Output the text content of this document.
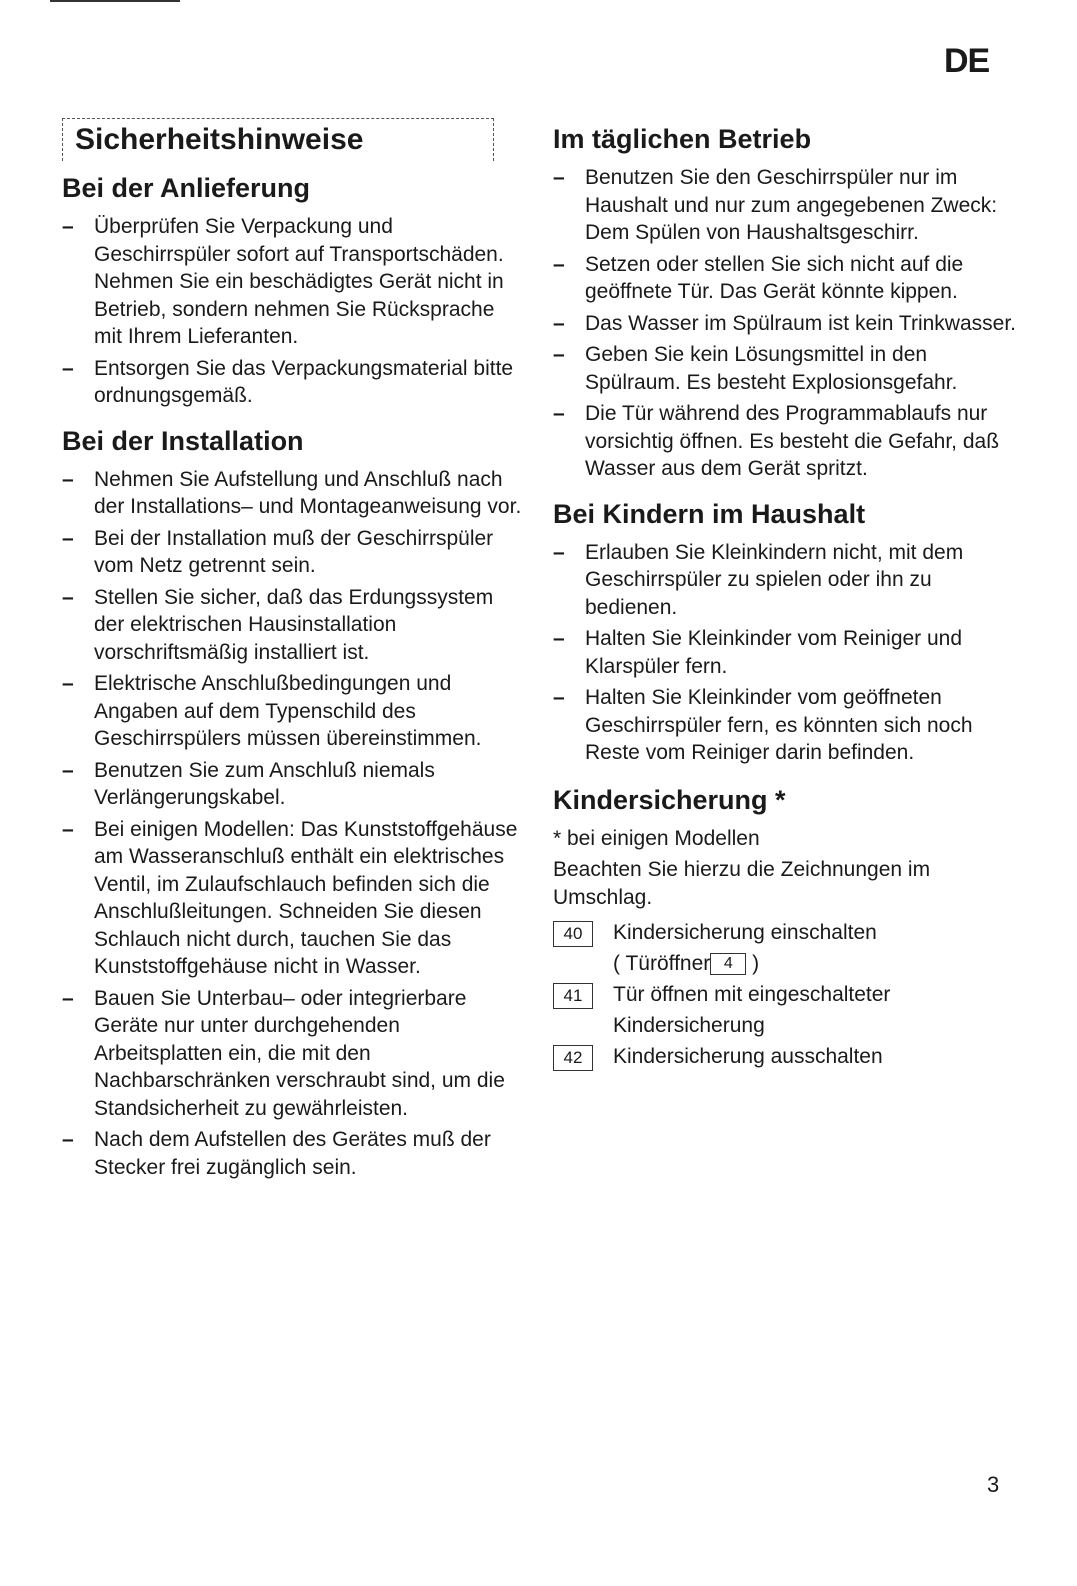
DE
Sicherheitshinweise
Bei der Anlieferung
– Überprüfen Sie Verpackung und Geschirrspüler sofort auf Transportschäden. Nehmen Sie ein beschädigtes Gerät nicht in Betrieb, sondern nehmen Sie Rücksprache mit Ihrem Lieferanten.
– Entsorgen Sie das Verpackungsmaterial bitte ordnungsgemäß.
Bei der Installation
– Nehmen Sie Aufstellung und Anschluß nach der Installations– und Montageanweisung vor.
– Bei der Installation muß der Geschirrspüler vom Netz getrennt sein.
– Stellen Sie sicher, daß das Erdungssystem der elektrischen Hausinstallation vorschriftsmäßig installiert ist.
– Elektrische Anschlußbedingungen und Angaben auf dem Typenschild des Geschirrspülers müssen übereinstimmen.
– Benutzen Sie zum Anschluß niemals Verlängerungskabel.
– Bei einigen Modellen: Das Kunststoffgehäuse am Wasseranschluß enthält ein elektrisches Ventil, im Zulaufschlauch befinden sich die Anschlußleitungen. Schneiden Sie diesen Schlauch nicht durch, tauchen Sie das Kunststoffgehäuse nicht in Wasser.
– Bauen Sie Unterbau– oder integrierbare Geräte nur unter durchgehenden Arbeitsplatten ein, die mit den Nachbarschränken verschraubt sind, um die Standsicherheit zu gewährleisten.
– Nach dem Aufstellen des Gerätes muß der Stecker frei zugänglich sein.
Im täglichen Betrieb
– Benutzen Sie den Geschirrspüler nur im Haushalt und nur zum angegebenen Zweck: Dem Spülen von Haushaltsgeschirr.
– Setzen oder stellen Sie sich nicht auf die geöffnete Tür. Das Gerät könnte kippen.
– Das Wasser im Spülraum ist kein Trinkwasser.
– Geben Sie kein Lösungsmittel in den Spülraum. Es besteht Explosionsgefahr.
– Die Tür während des Programmablaufs nur vorsichtig öffnen. Es besteht die Gefahr, daß Wasser aus dem Gerät spritzt.
Bei Kindern im Haushalt
– Erlauben Sie Kleinkindern nicht, mit dem Geschirrspüler zu spielen oder ihn zu bedienen.
– Halten Sie Kleinkinder vom Reiniger und Klarspüler fern.
– Halten Sie Kleinkinder vom geöffneten Geschirrspüler fern, es könnten sich noch Reste vom Reiniger darin befinden.
Kindersicherung *

* bei einigen Modellen

Beachten Sie hierzu die Zeichnungen im Umschlag.

40	Kindersicherung einschalten
( Türöffner 4 )
41	Tür öffnen mit eingeschalteter Kindersicherung
42	Kindersicherung ausschalten
3
